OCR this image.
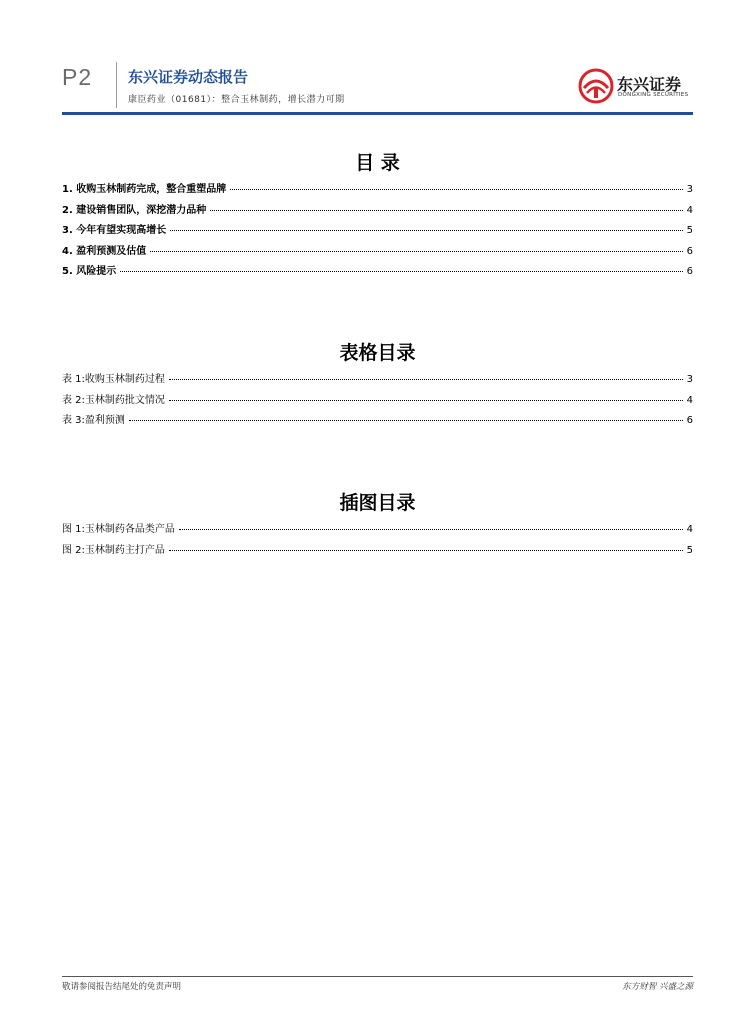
P2 东兴证券动态报告
康臣药业（01681）：整合玉林制药，增长潜力可期
东兴证券
DONGXING SECURITIES
目 录
1. 收购玉林制药完成，整合重塑品牌	3
2. 建设销售团队，深挖潜力品种	4
3. 今年有望实现高增长	5
4. 盈利预测及估值	6
5. 风险提示	6
表格目录
表 1:收购玉林制药过程	3
表 2:玉林制药批文情况	4
表 3:盈利预测	6
插图目录
图 1:玉林制药各品类产品	4
图 2:玉林制药主打产品	5
敬请参阅报告结尾处的免责声明	东方财智 兴盛之源
